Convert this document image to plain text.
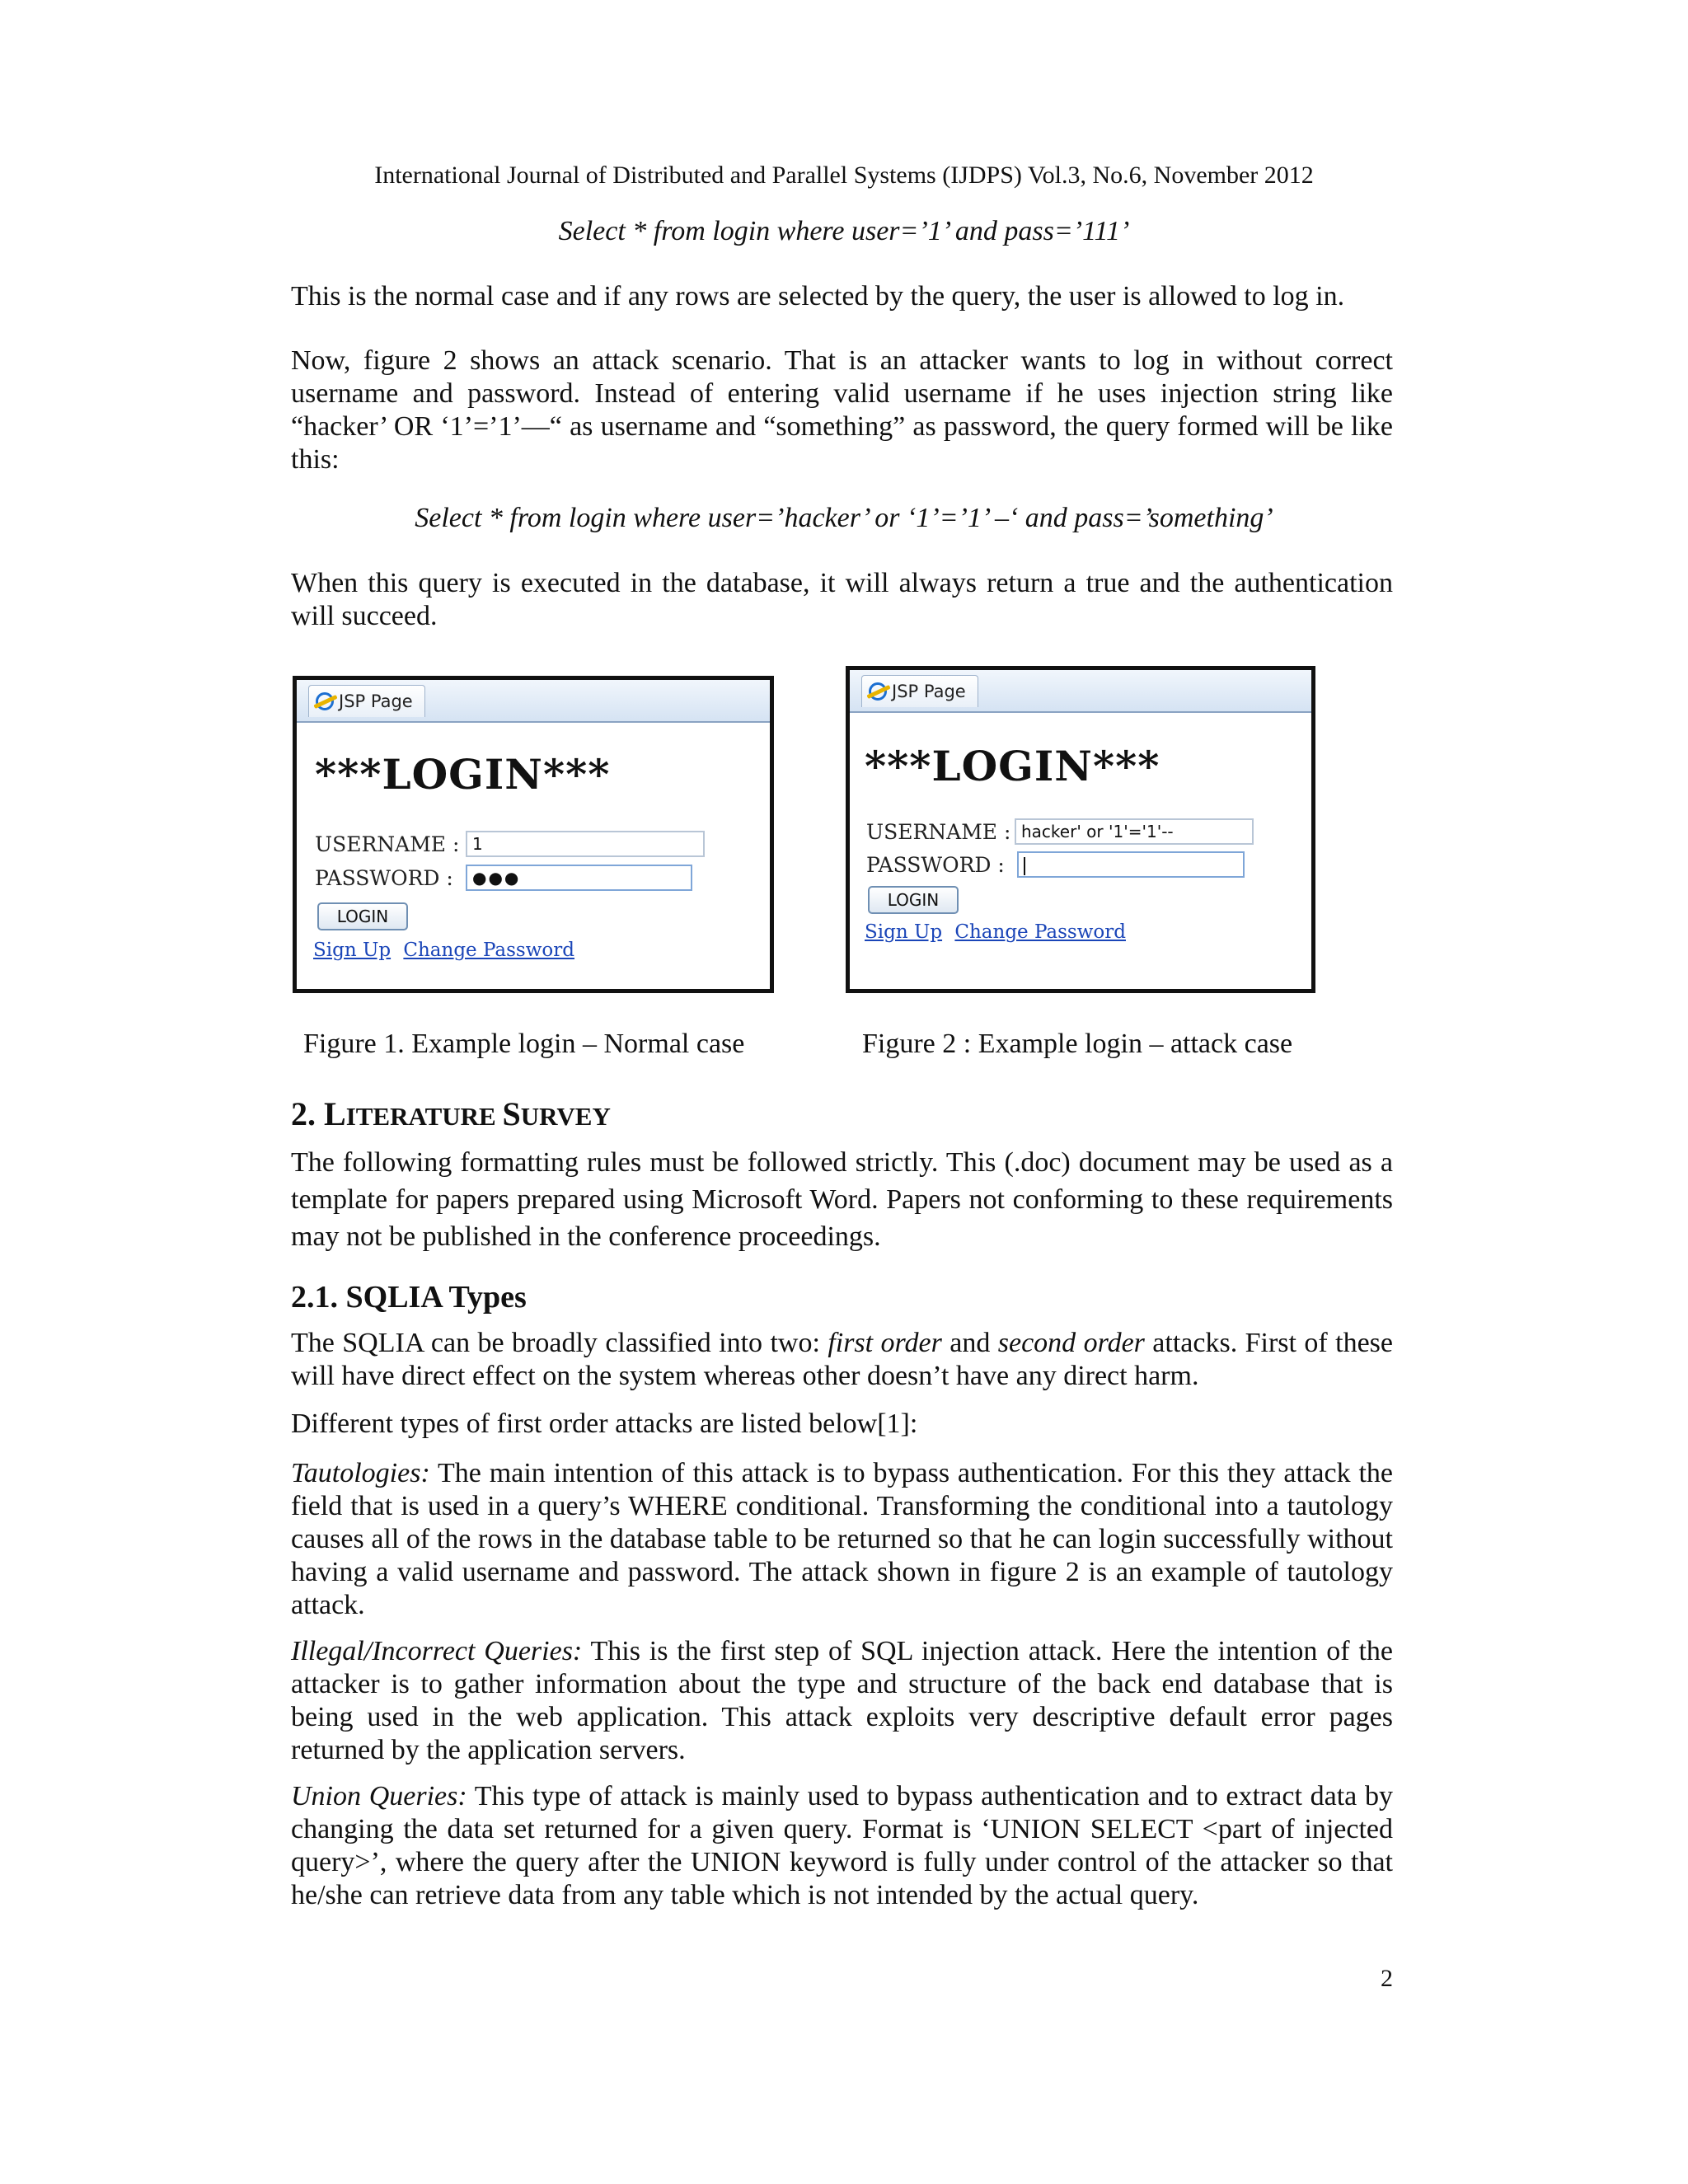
International Journal of Distributed and Parallel Systems (IJDPS) Vol.3, No.6, November 2012
Select * from login where user=’1’ and pass=’111’

This is the normal case and if any rows are selected by the query, the user is allowed to log in.

Now, figure 2 shows an attack scenario. That is an attacker wants to log in without correct username and password. Instead of entering valid username if he uses injection string like “hacker’ OR ‘1’=’1’—“ as username and “something” as password, the query formed will be like this:

Select * from login where user=’hacker’ or ‘1’=’1’ –‘ and pass=’something’

When this query is executed in the database, it will always return a true and the authentication will succeed.

JSP Page
***LOGIN***
USERNAME : 1
PASSWORD :	●●●
LOGIN
Sign Up Change Password
JSP Page
***LOGIN***
USERNAME : hacker' or '1'='1'--
PASSWORD :
LOGIN
Sign Up Change Password
Figure 1. Example login – Normal case	Figure 2 : Example login – attack case
2. LITERATURE SURVEY

The following formatting rules must be followed strictly. This (.doc) document may be used as a template for papers prepared using Microsoft Word. Papers not conforming to these requirements may not be published in the conference proceedings.

2.1. SQLIA Types

The SQLIA can be broadly classified into two: first order and second order attacks. First of these will have direct effect on the system whereas other doesn’t have any direct harm.

Different types of first order attacks are listed below[1]:

Tautologies: The main intention of this attack is to bypass authentication. For this they attack the field that is used in a query’s WHERE conditional. Transforming the conditional into a tautology causes all of the rows in the database table to be returned so that he can login successfully without having a valid username and password. The attack shown in figure 2 is an example of tautology attack.

Illegal/Incorrect Queries: This is the first step of SQL injection attack. Here the intention of the attacker is to gather information about the type and structure of the back end database that is being used in the web application. This attack exploits very descriptive default error pages returned by the application servers.

Union Queries: This type of attack is mainly used to bypass authentication and to extract data by changing the data set returned for a given query. Format is ‘UNION SELECT <part of injected query>’, where the query after the UNION keyword is fully under control of the attacker so that he/she can retrieve data from any table which is not intended by the actual query.

2
